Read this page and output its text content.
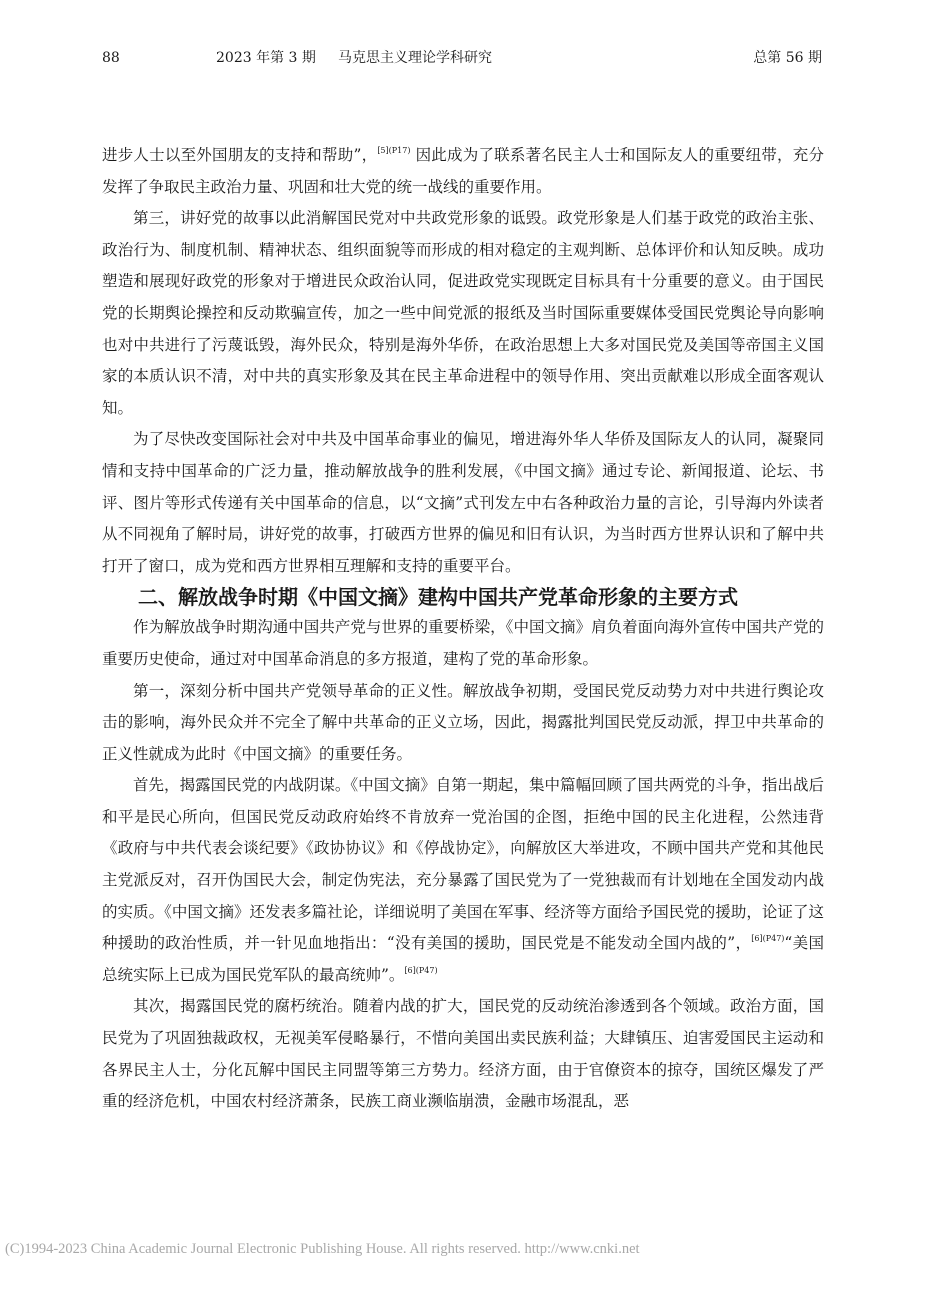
88	2023 年第 3 期 马克思主义理论学科研究	总第 56 期

进步人士以至外国朋友的支持和帮助”，$^{[5](P17)}$ 因此成为了联系著名民主人士和国际友人的重要纽带，充分发挥了争取民主政治力量、巩固和壮大党的统一战线的重要作用。

第三，讲好党的故事以此消解国民党对中共政党形象的诋毁。政党形象是人们基于政党的政治主张、政治行为、制度机制、精神状态、组织面貌等而形成的相对稳定的主观判断、总体评价和认知反映。成功塑造和展现好政党的形象对于增进民众政治认同，促进政党实现既定目标具有十分重要的意义。由于国民党的长期舆论操控和反动欺骗宣传，加之一些中间党派的报纸及当时国际重要媒体受国民党舆论导向影响也对中共进行了污蔑诋毁，海外民众，特别是海外华侨，在政治思想上大多对国民党及美国等帝国主义国家的本质认识不清，对中共的真实形象及其在民主革命进程中的领导作用、突出贡献难以形成全面客观认知。

为了尽快改变国际社会对中共及中国革命事业的偏见，增进海外华人华侨及国际友人的认同，凝聚同情和支持中国革命的广泛力量，推动解放战争的胜利发展，《中国文摘》通过专论、新闻报道、论坛、书评、图片等形式传递有关中国革命的信息，以“文摘”式刊发左中右各种政治力量的言论，引导海内外读者从不同视角了解时局，讲好党的故事，打破西方世界的偏见和旧有认识，为当时西方世界认识和了解中共打开了窗口，成为党和西方世界相互理解和支持的重要平台。

二、解放战争时期《中国文摘》建构中国共产党革命形象的主要方式

作为解放战争时期沟通中国共产党与世界的重要桥梁，《中国文摘》肩负着面向海外宣传中国共产党的重要历史使命，通过对中国革命消息的多方报道，建构了党的革命形象。

第一，深刻分析中国共产党领导革命的正义性。解放战争初期，受国民党反动势力对中共进行舆论攻击的影响，海外民众并不完全了解中共革命的正义立场，因此，揭露批判国民党反动派，捍卫中共革命的正义性就成为此时《中国文摘》的重要任务。

首先，揭露国民党的内战阴谋。《中国文摘》自第一期起，集中篇幅回顾了国共两党的斗争，指出战后和平是民心所向，但国民党反动政府始终不肯放弃一党治国的企图，拒绝中国的民主化进程，公然违背《政府与中共代表会谈纪要》《政协协议》和《停战协定》，向解放区大举进攻，不顾中国共产党和其他民主党派反对，召开伪国民大会，制定伪宪法，充分暴露了国民党为了一党独裁而有计划地在全国发动内战的实质。《中国文摘》还发表多篇社论，详细说明了美国在军事、经济等方面给予国民党的援助，论证了这种援助的政治性质，并一针见血地指出：“没有美国的援助，国民党是不能发动全国内战的”，$^{[6](P47)}$“美国总统实际上已成为国民党军队的最高统帅”。$^{[6](P47)}$

其次，揭露国民党的腐朽统治。随着内战的扩大，国民党的反动统治渗透到各个领域。政治方面，国民党为了巩固独裁政权，无视美军侵略暴行，不惜向美国出卖民族利益；大肆镇压、迫害爱国民主运动和各界民主人士，分化瓦解中国民主同盟等第三方势力。经济方面，由于官僚资本的掠夺，国统区爆发了严重的经济危机，中国农村经济萧条，民族工商业濒临崩溃，金融市场混乱，恶

(C)1994-2023 China Academic Journal Electronic Publishing House. All rights reserved. http://www.cnki.net
